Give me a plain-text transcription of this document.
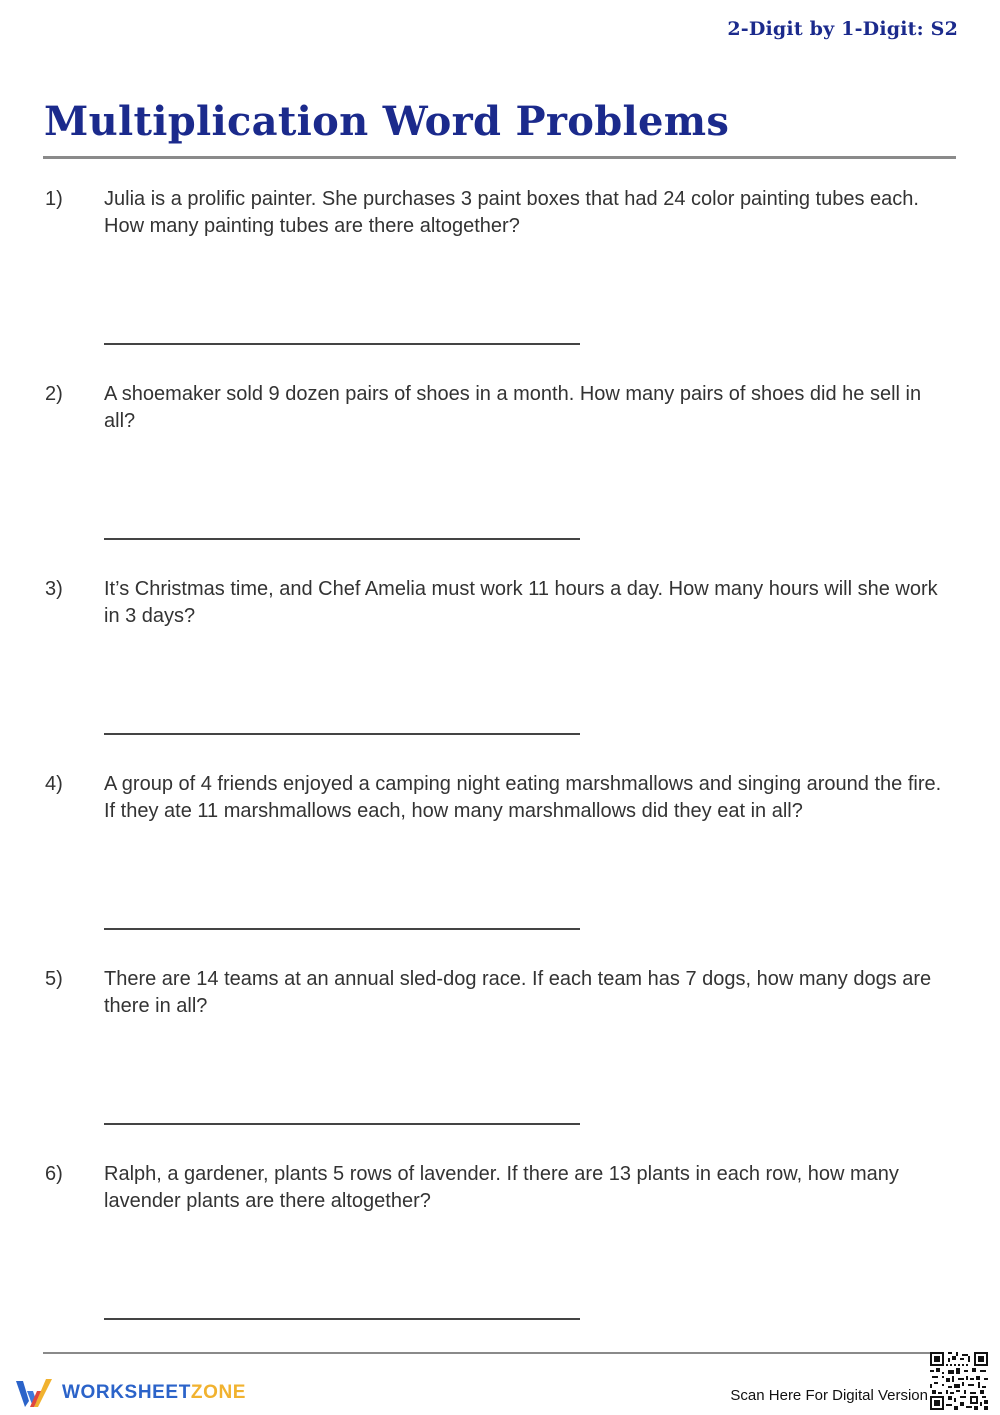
2-Digit by 1-Digit: S2
Multiplication Word Problems
1) Julia is a prolific painter. She purchases 3 paint boxes that had 24 color painting tubes each. How many painting tubes are there altogether?
2) A shoemaker sold 9 dozen pairs of shoes in a month. How many pairs of shoes did he sell in all?
3) It’s Christmas time, and Chef Amelia must work 11 hours a day. How many hours will she work in 3 days?
4) A group of 4 friends enjoyed a camping night eating marshmallows and singing around the fire. If they ate 11 marshmallows each, how many marshmallows did they eat in all?
5) There are 14 teams at an annual sled-dog race. If each team has 7 dogs, how many dogs are there in all?
6) Ralph, a gardener, plants 5 rows of lavender. If there are 13 plants in each row, how many lavender plants are there altogether?
WORKSHEETZONE	Scan Here For Digital Version
